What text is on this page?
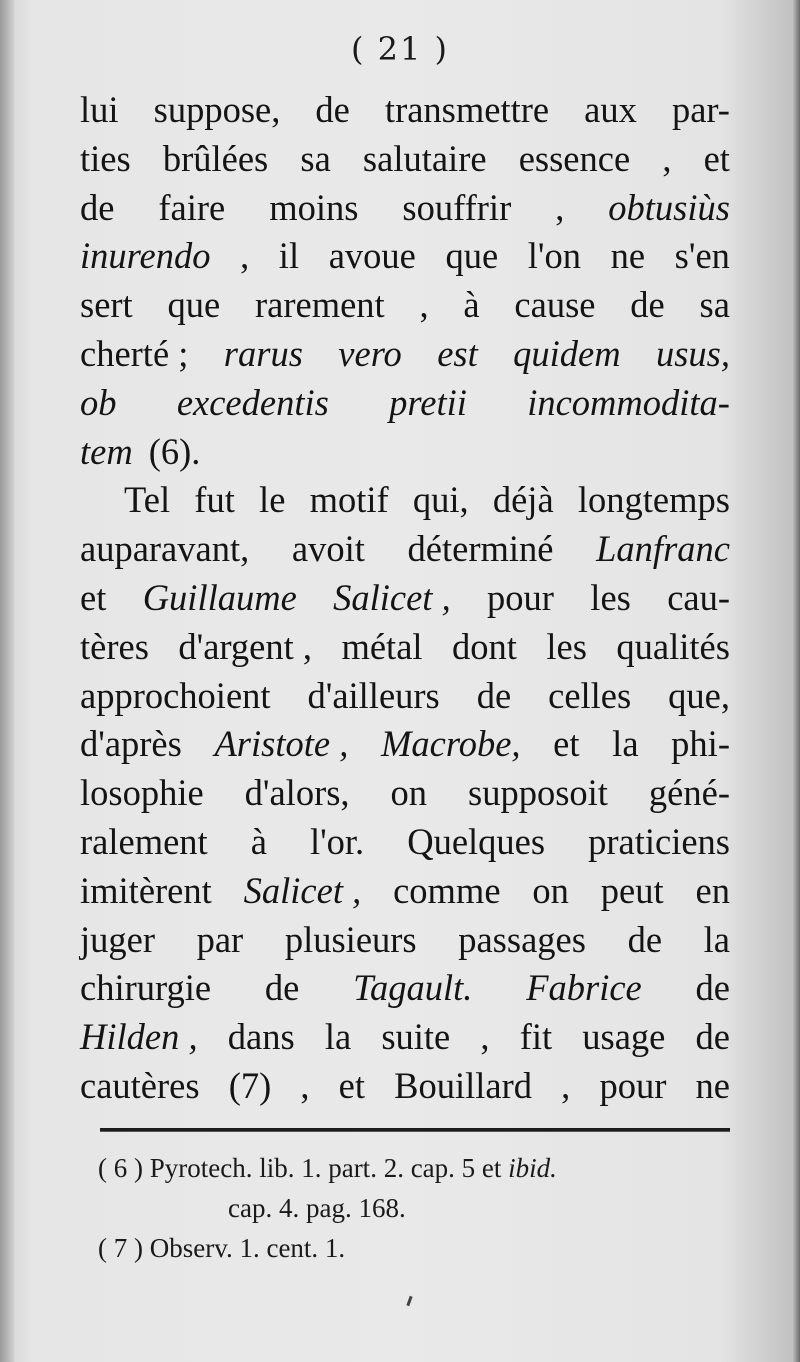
( 21 )
lui suppose, de transmettre aux par-
ties brûlées sa salutaire essence , et
de faire moins souffrir , obtusiùs
inurendo , il avoue que l'on ne s'en
sert que rarement , à cause de sa
cherté ; rarus vero est quidem usus,
ob excedentis pretii incommodita-
tem (6).
Tel fut le motif qui, déjà longtemps
auparavant, avoit déterminé Lanfranc
et Guillaume Salicet , pour les cau-
tères d'argent , métal dont les qualités
approchoient d'ailleurs de celles que,
d'après Aristote , Macrobe, et la phi-
losophie d'alors, on supposoit géné-
ralement à l'or. Quelques praticiens
imitèrent Salicet , comme on peut en
juger par plusieurs passages de la
chirurgie de Tagault. Fabrice de
Hilden , dans la suite , fit usage de
cautères (7) , et Bouillard , pour ne
( 6 ) Pyrotech. lib. 1. part. 2. cap. 5 et ibid.
cap. 4. pag. 168.
( 7 ) Observ. 1. cent. 1.
